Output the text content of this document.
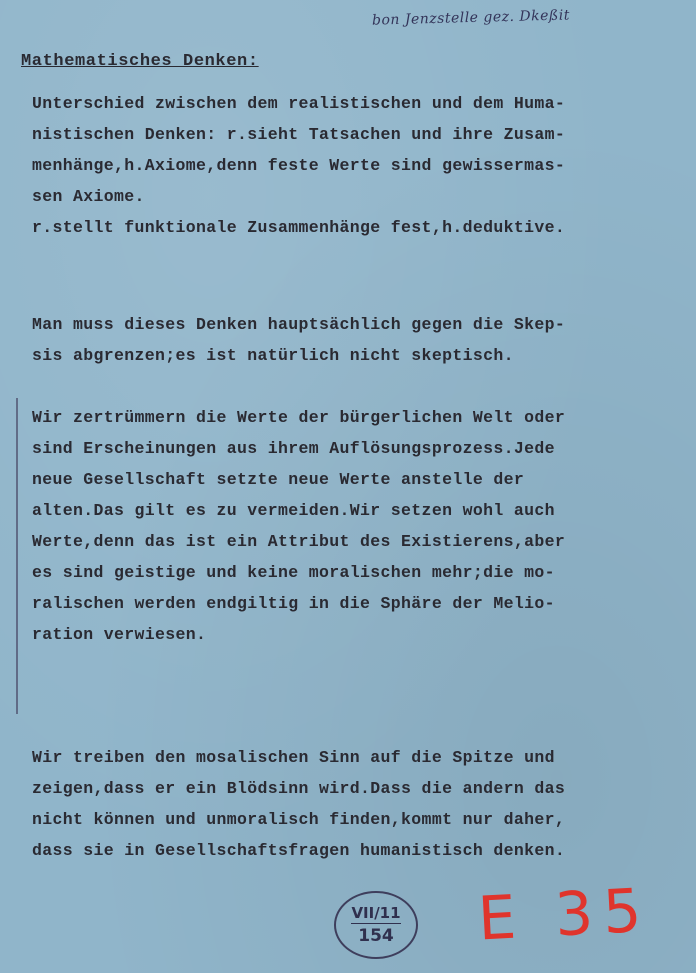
bon Jenzstelle gez. Dkeßit
Mathematisches Denken:
Unterschied zwischen dem realistischen und dem Huma-
nistischen Denken: r.sieht Tatsachen und ihre Zusam-
menhänge,h.Axiome,denn feste Werte sind gewissermas-
sen Axiome.
r.stellt funktionale Zusammenhänge fest,h.deduktive.
Man muss dieses Denken hauptsächlich gegen die Skep-
sis abgrenzen;es ist natürlich nicht skeptisch.
Wir zertrümmern die Werte der bürgerlichen Welt oder
sind Erscheinungen aus ihrem Auflösungsprozess.Jede
neue Gesellschaft setzte neue Werte anstelle der
alten.Das gilt es zu vermeiden.Wir setzen wohl auch
Werte,denn das ist ein Attribut des Existierens,aber
es sind geistige und keine moralischen mehr;die mo-
ralischen werden endgiltig in die Sphäre der Melio-
ration verwiesen.
Wir treiben den mosalischen Sinn auf die Spitze und
zeigen,dass er ein Blödsinn wird.Dass die andern das
nicht können und unmoralisch finden,kommt nur daher,
dass sie in Gesellschaftsfragen humanistisch denken.
VII/11
154 E 35
